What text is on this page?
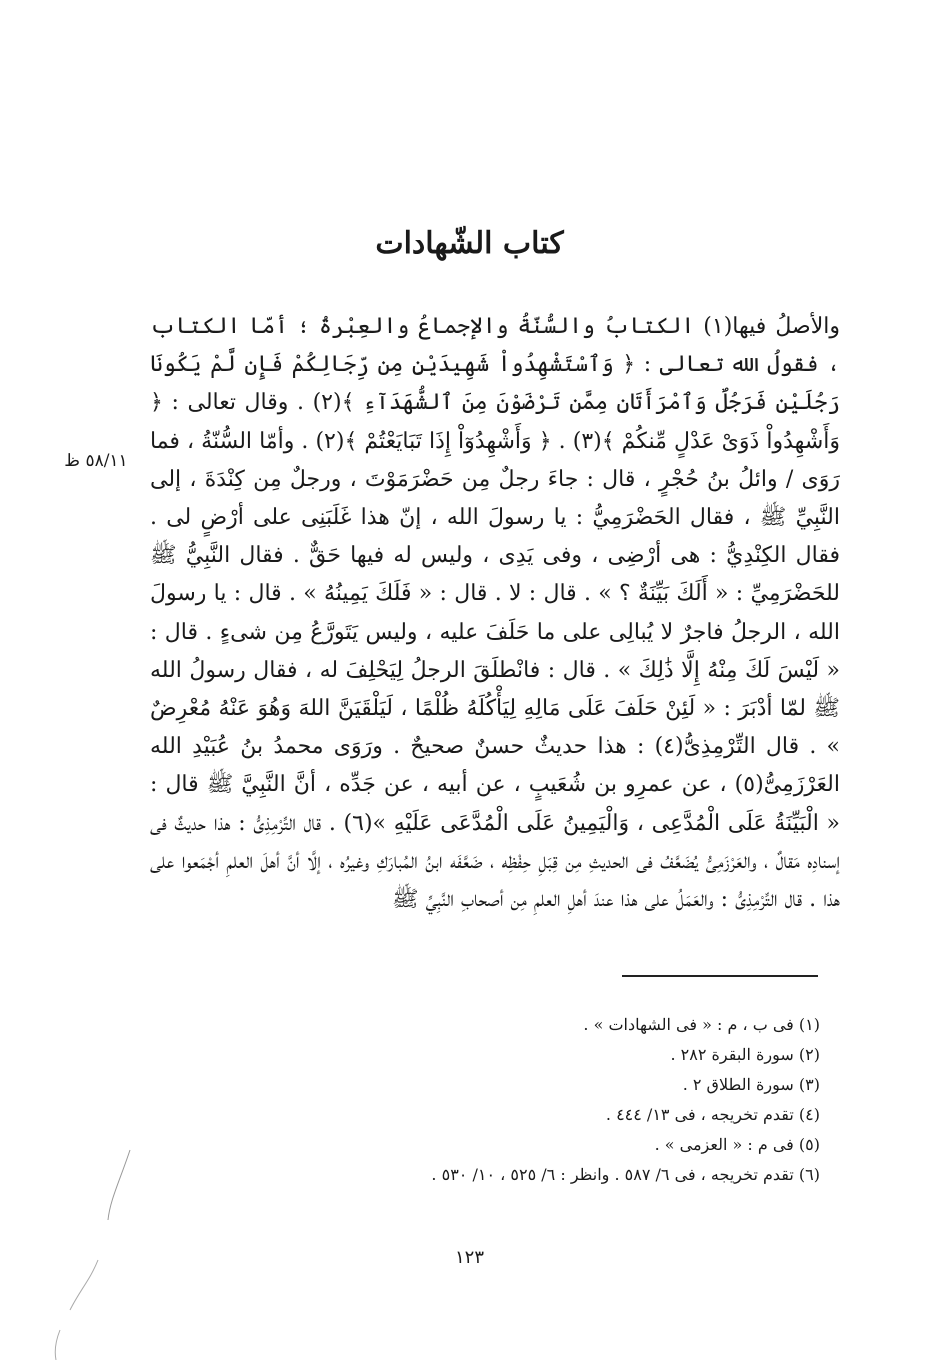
كتاب الشّهادات

والأصلُ فيها(١) الكتابُ والسُّنّةُ والإجماعُ والعِبْرةُ ؛ أمّا الكتاب ، فقولُ الله تعالى : ﴿ وَٱسْتَشْهِدُواْ شَهِيدَيْنِ مِن رِّجَالِكُمْ فَإِن لَّمْ يَكُونَا رَجُلَيْنِ فَرَجُلٌ وَٱمْرَأَتَانِ مِمَّن تَرْضَوْنَ مِنَ ٱلشُّهَدَآءِ ﴾(٢) . وقال تعالى : ﴿ وَأَشْهِدُواْ ذَوَىْ عَدْلٍ مِّنكُمْ ﴾(٣) . ﴿ وَأَشْهِدُوٓاْ إِذَا تَبَايَعْتُمْ ﴾(٢) . وأمّا السُّنّةُ ، فما رَوَى / وائلُ بنُ حُجْرٍ ، قال : جاءَ رجلٌ مِن حَضْرَمَوْتَ ، ورجلٌ مِن كِنْدَةَ ، إلى النَّبِيِّ ﷺ ، فقال الحَضْرَمِيُّ : يا رسولَ الله ، إنّ هذا غَلَبَنِى على أرْضٍ لى . فقال الكِنْدِيُّ : هى أرْضِى ، وفى يَدِى ، وليس له فيها حَقٌّ . فقال النَّبِيُّ ﷺ للحَضْرَمِيِّ : « أَلَكَ بَيِّنَةٌ ؟ » . قال : لا . قال : « فَلَكَ يَمِينُهُ » . قال : يا رسولَ الله ، الرجلُ فاجرٌ لا يُبالِى على ما حَلَفَ عليه ، وليس يَتَورَّعُ مِن شىءٍ . قال : « لَيْسَ لَكَ مِنْهُ إِلَّا ذَٰلِكَ » . قال : فانْطلَقَ الرجلُ لِيَحْلِفَ له ، فقال رسولُ الله ﷺ لمّا أدْبَرَ : « لَئِنْ حَلَفَ عَلَى مَالِهِ لِيَأْكُلَهُ ظُلْمًا ، لَيَلْقَيَنَّ اللهَ وَهُوَ عَنْهُ مُعْرِضٌ » . قال التِّرْمِذِىُّ(٤) : هذا حديثٌ حسنٌ صحيحٌ . ورَوَى محمدُ بنُ عُبَيْدِ الله العَرْزَمِىُّ(٥) ، عن عمرِو بن شُعَيبٍ ، عن أبيه ، عن جَدِّه ، أنَّ النَّبِيَّ ﷺ قال : « الْبَيِّنَةُ عَلَى الْمُدَّعِى ، وَالْيَمِينُ عَلَى الْمُدَّعَى عَلَيْهِ »(٦) . قال التِّرْمِذِىُّ : هذا حديثٌ فى إسنادِه مَقالٌ ، والعَرْزَمِىُّ يُضَعَّفُ فى الحديثِ مِن قِبَلِ حِفْظِه ، ضَعَّفَه ابنُ المُبارَكِ وغيرُه ، إلَّا أنَّ أهلَ العلمِ أجْمَعوا على هذا . قال التِّرْمِذِىُّ : والعَمَلُ على هذا عندَ أهلِ العلمِ مِن أصحابِ النَّبِيِّ ﷺ

٥٨/١١ ظ
(١) فى ب ، م : « فى الشهادات » .
(٢) سورة البقرة ٢٨٢ .
(٣) سورة الطلاق ٢ .
(٤) تقدم تخريجه ، فى ١٣/ ٤٤٤ .
(٥) فى م : « العزمى » .
(٦) تقدم تخريجه ، فى ٦/ ٥٨٧ . وانظر : ٦/ ٥٢٥ ، ١٠/ ٥٣٠ .
١٢٣
